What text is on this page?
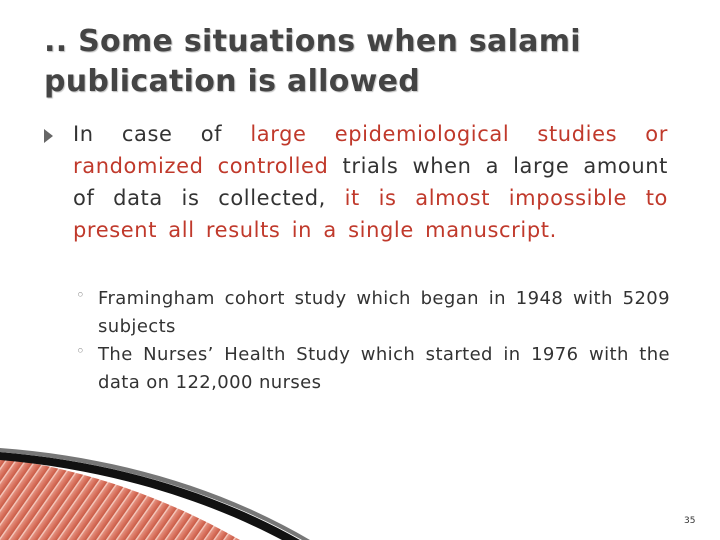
.. Some situations when salami
publication is allowed
In case of large epidemiological studies or randomized controlled trials when a large amount of data is collected, it is almost impossible to present all results in a single manuscript.
◦ Framingham cohort study which began in 1948 with 5209 subjects
◦ The Nurses’ Health Study which started in 1976 with the data on 122,000 nurses
35
